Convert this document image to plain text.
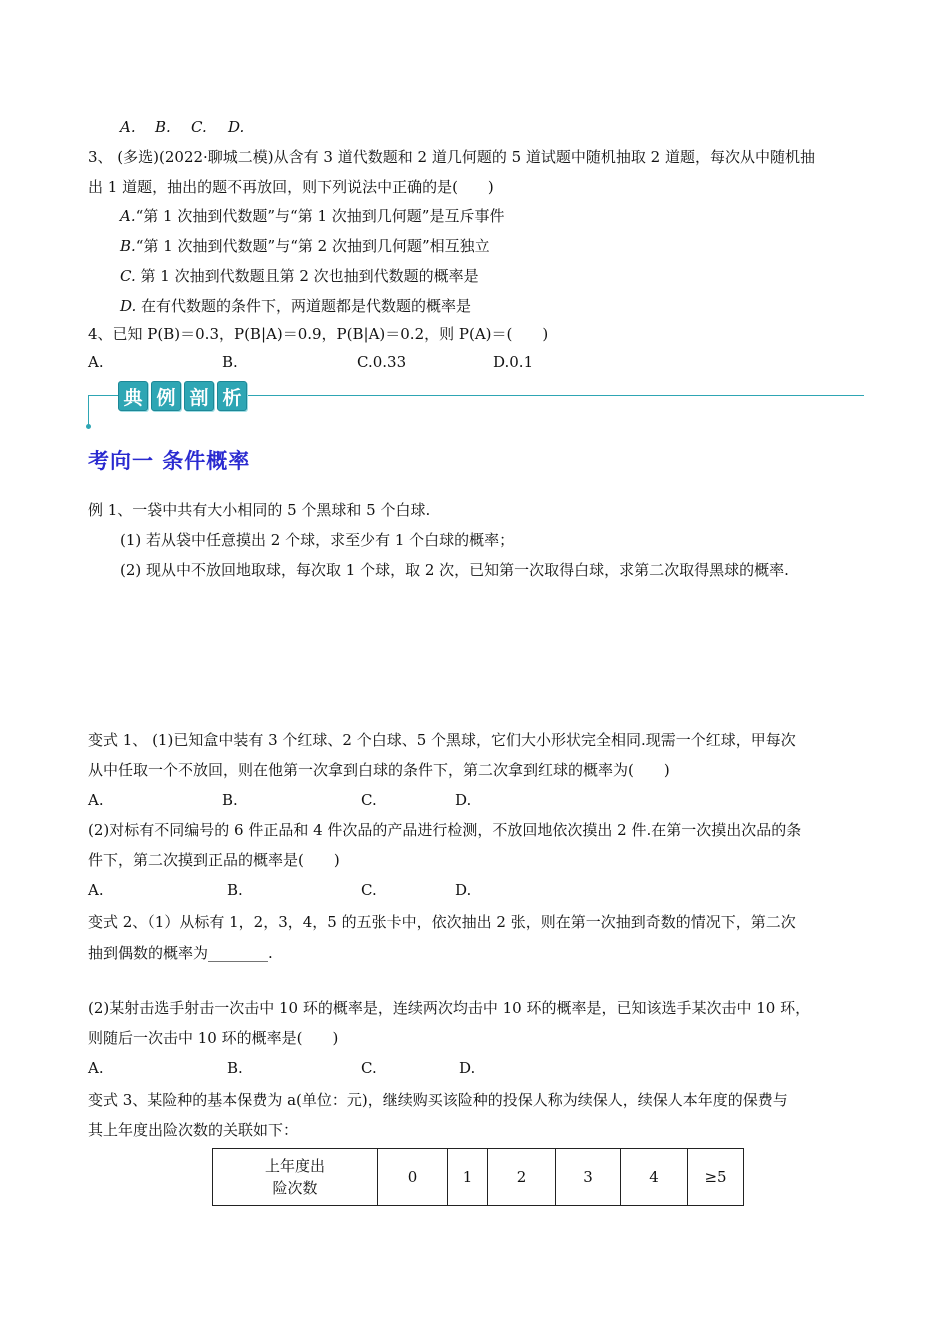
A. B. C. D.
3、 (多选)(2022·聊城二模)从含有 3 道代数题和 2 道几何题的 5 道试题中随机抽取 2 道题，每次从中随机抽
出 1 道题，抽出的题不再放回，则下列说法中正确的是(　　)
A.“第 1 次抽到代数题”与“第 1 次抽到几何题”是互斥事件
B.“第 1 次抽到代数题”与“第 2 次抽到几何题”相互独立
C. 第 1 次抽到代数题且第 2 次也抽到代数题的概率是
D. 在有代数题的条件下，两道题都是代数题的概率是
4、已知 P(B)＝0.3，P(B|A)＝0.9，P(B|A)＝0.2，则 P(A)＝(　　)
A.	B.	C.0.33	D.0.1
典 例 剖 析
考向一 条件概率
例 1、一袋中共有大小相同的 5 个黑球和 5 个白球.
(1) 若从袋中任意摸出 2 个球，求至少有 1 个白球的概率；
(2) 现从中不放回地取球，每次取 1 个球，取 2 次，已知第一次取得白球，求第二次取得黑球的概率.
变式 1、 (1)已知盒中装有 3 个红球、2 个白球、5 个黑球，它们大小形状完全相同.现需一个红球，甲每次
从中任取一个不放回，则在他第一次拿到白球的条件下，第二次拿到红球的概率为(　　)
A.	B.	C.	D.
(2)对标有不同编号的 6 件正品和 4 件次品的产品进行检测，不放回地依次摸出 2 件.在第一次摸出次品的条
件下，第二次摸到正品的概率是(　　)
A.	B.	C.	D.
变式 2、（1）从标有 1，2，3，4，5 的五张卡中，依次抽出 2 张，则在第一次抽到奇数的情况下，第二次
抽到偶数的概率为________.
(2)某射击选手射击一次击中 10 环的概率是，连续两次均击中 10 环的概率是，已知该选手某次击中 10 环，
则随后一次击中 10 环的概率是(　　)
A.	B.	C.	D.
变式 3、某险种的基本保费为 a(单位：元)，继续购买该险种的投保人称为续保人，续保人本年度的保费与
其上年度出险次数的关联如下：
上年度出
险次数
	0	1	2	3	4	≥5
